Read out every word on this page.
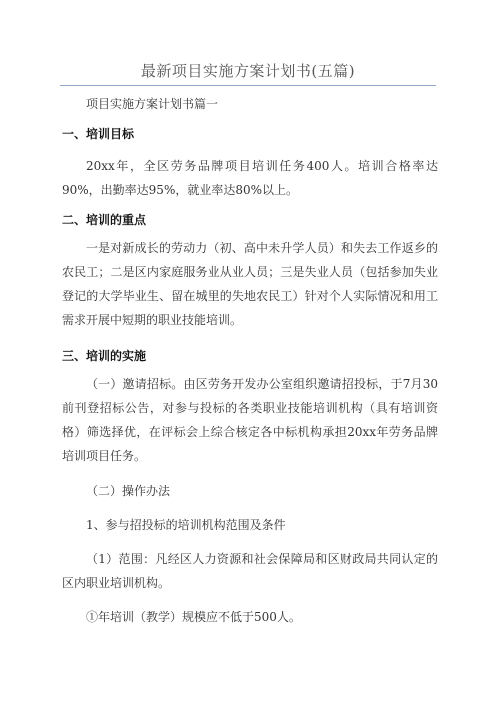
最新项目实施方案计划书(五篇)
项目实施方案计划书篇一
一、培训目标
20xx年，全区劳务品牌项目培训任务400人。培训合格率达90%，出勤率达95%，就业率达80%以上。
二、培训的重点
一是对新成长的劳动力（初、高中未升学人员）和失去工作返乡的农民工；二是区内家庭服务业从业人员；三是失业人员（包括参加失业登记的大学毕业生、留在城里的失地农民工）针对个人实际情况和用工需求开展中短期的职业技能培训。
三、培训的实施
（一）邀请招标。由区劳务开发办公室组织邀请招投标，于7月30前刊登招标公告，对参与投标的各类职业技能培训机构（具有培训资格）筛选择优，在评标会上综合核定各中标机构承担20xx年劳务品牌培训项目任务。
（二）操作办法
1、参与招投标的培训机构范围及条件
（1）范围：凡经区人力资源和社会保障局和区财政局共同认定的区内职业培训机构。
①年培训（教学）规模应不低于500人。
